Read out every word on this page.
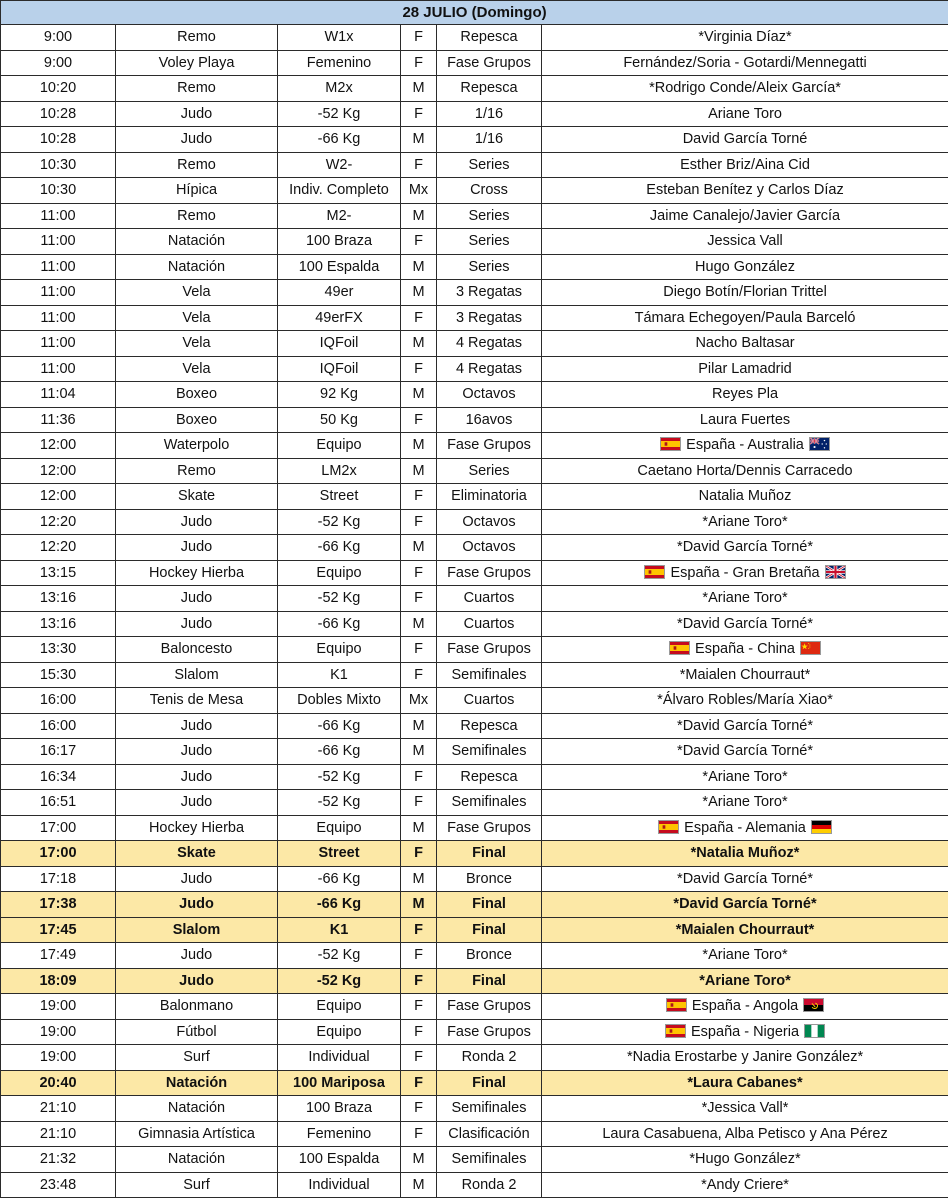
28 JULIO (Domingo)					
9:00	Remo	W1x	F	Repesca	*Virginia Díaz*
9:00	Voley Playa	Femenino	F	Fase Grupos	Fernández/Soria - Gotardi/Mennegatti
10:20	Remo	M2x	M	Repesca	*Rodrigo Conde/Aleix García*
10:28	Judo	-52 Kg	F	1/16	Ariane Toro
10:28	Judo	-66 Kg	M	1/16	David García Torné
10:30	Remo	W2-	F	Series	Esther Briz/Aina Cid
10:30	Hípica	Indiv. Completo	Mx	Cross	Esteban Benítez y Carlos Díaz
11:00	Remo	M2-	M	Series	Jaime Canalejo/Javier García
11:00	Natación	100 Braza	F	Series	Jessica Vall
11:00	Natación	100 Espalda	M	Series	Hugo González
11:00	Vela	49er	M	3 Regatas	Diego Botín/Florian Trittel
11:00	Vela	49erFX	F	3 Regatas	Támara Echegoyen/Paula Barceló
11:00	Vela	IQFoil	M	4 Regatas	Nacho Baltasar
11:00	Vela	IQFoil	F	4 Regatas	Pilar Lamadrid
11:04	Boxeo	92 Kg	M	Octavos	Reyes Pla
11:36	Boxeo	50 Kg	F	16avos	Laura Fuertes
12:00	Waterpolo	Equipo	M	Fase Grupos	España - Australia

12:00	Remo	LM2x	M	Series	Caetano Horta/Dennis Carracedo
12:00	Skate	Street	F	Eliminatoria	Natalia Muñoz
12:20	Judo	-52 Kg	F	Octavos	*Ariane Toro*
12:20	Judo	-66 Kg	M	Octavos	*David García Torné*
13:15	Hockey Hierba	Equipo	F	Fase Grupos	España - Gran Bretaña

13:16	Judo	-52 Kg	F	Cuartos	*Ariane Toro*
13:16	Judo	-66 Kg	M	Cuartos	*David García Torné*
13:30	Baloncesto	Equipo	F	Fase Grupos	España - China

15:30	Slalom	K1	F	Semifinales	*Maialen Chourraut*
16:00	Tenis de Mesa	Dobles Mixto	Mx	Cuartos	*Álvaro Robles/María Xiao*
16:00	Judo	-66 Kg	M	Repesca	*David García Torné*
16:17	Judo	-66 Kg	M	Semifinales	*David García Torné*
16:34	Judo	-52 Kg	F	Repesca	*Ariane Toro*
16:51	Judo	-52 Kg	F	Semifinales	*Ariane Toro*
17:00	Hockey Hierba	Equipo	M	Fase Grupos	España - Alemania

17:00	Skate	Street	F	Final	*Natalia Muñoz*
17:18	Judo	-66 Kg	M	Bronce	*David García Torné*
17:38	Judo	-66 Kg	M	Final	*David García Torné*
17:45	Slalom	K1	F	Final	*Maialen Chourraut*
17:49	Judo	-52 Kg	F	Bronce	*Ariane Toro*
18:09	Judo	-52 Kg	F	Final	*Ariane Toro*
19:00	Balonmano	Equipo	F	Fase Grupos	España - Angola

19:00	Fútbol	Equipo	F	Fase Grupos	España - Nigeria

19:00	Surf	Individual	F	Ronda 2	*Nadia Erostarbe y Janire González*
20:40	Natación	100 Mariposa	F	Final	*Laura Cabanes*
21:10	Natación	100 Braza	F	Semifinales	*Jessica Vall*
21:10	Gimnasia Artística	Femenino	F	Clasificación	Laura Casabuena, Alba Petisco y Ana Pérez
21:32	Natación	100 Espalda	M	Semifinales	*Hugo González*
23:48	Surf	Individual	M	Ronda 2	*Andy Criere*
